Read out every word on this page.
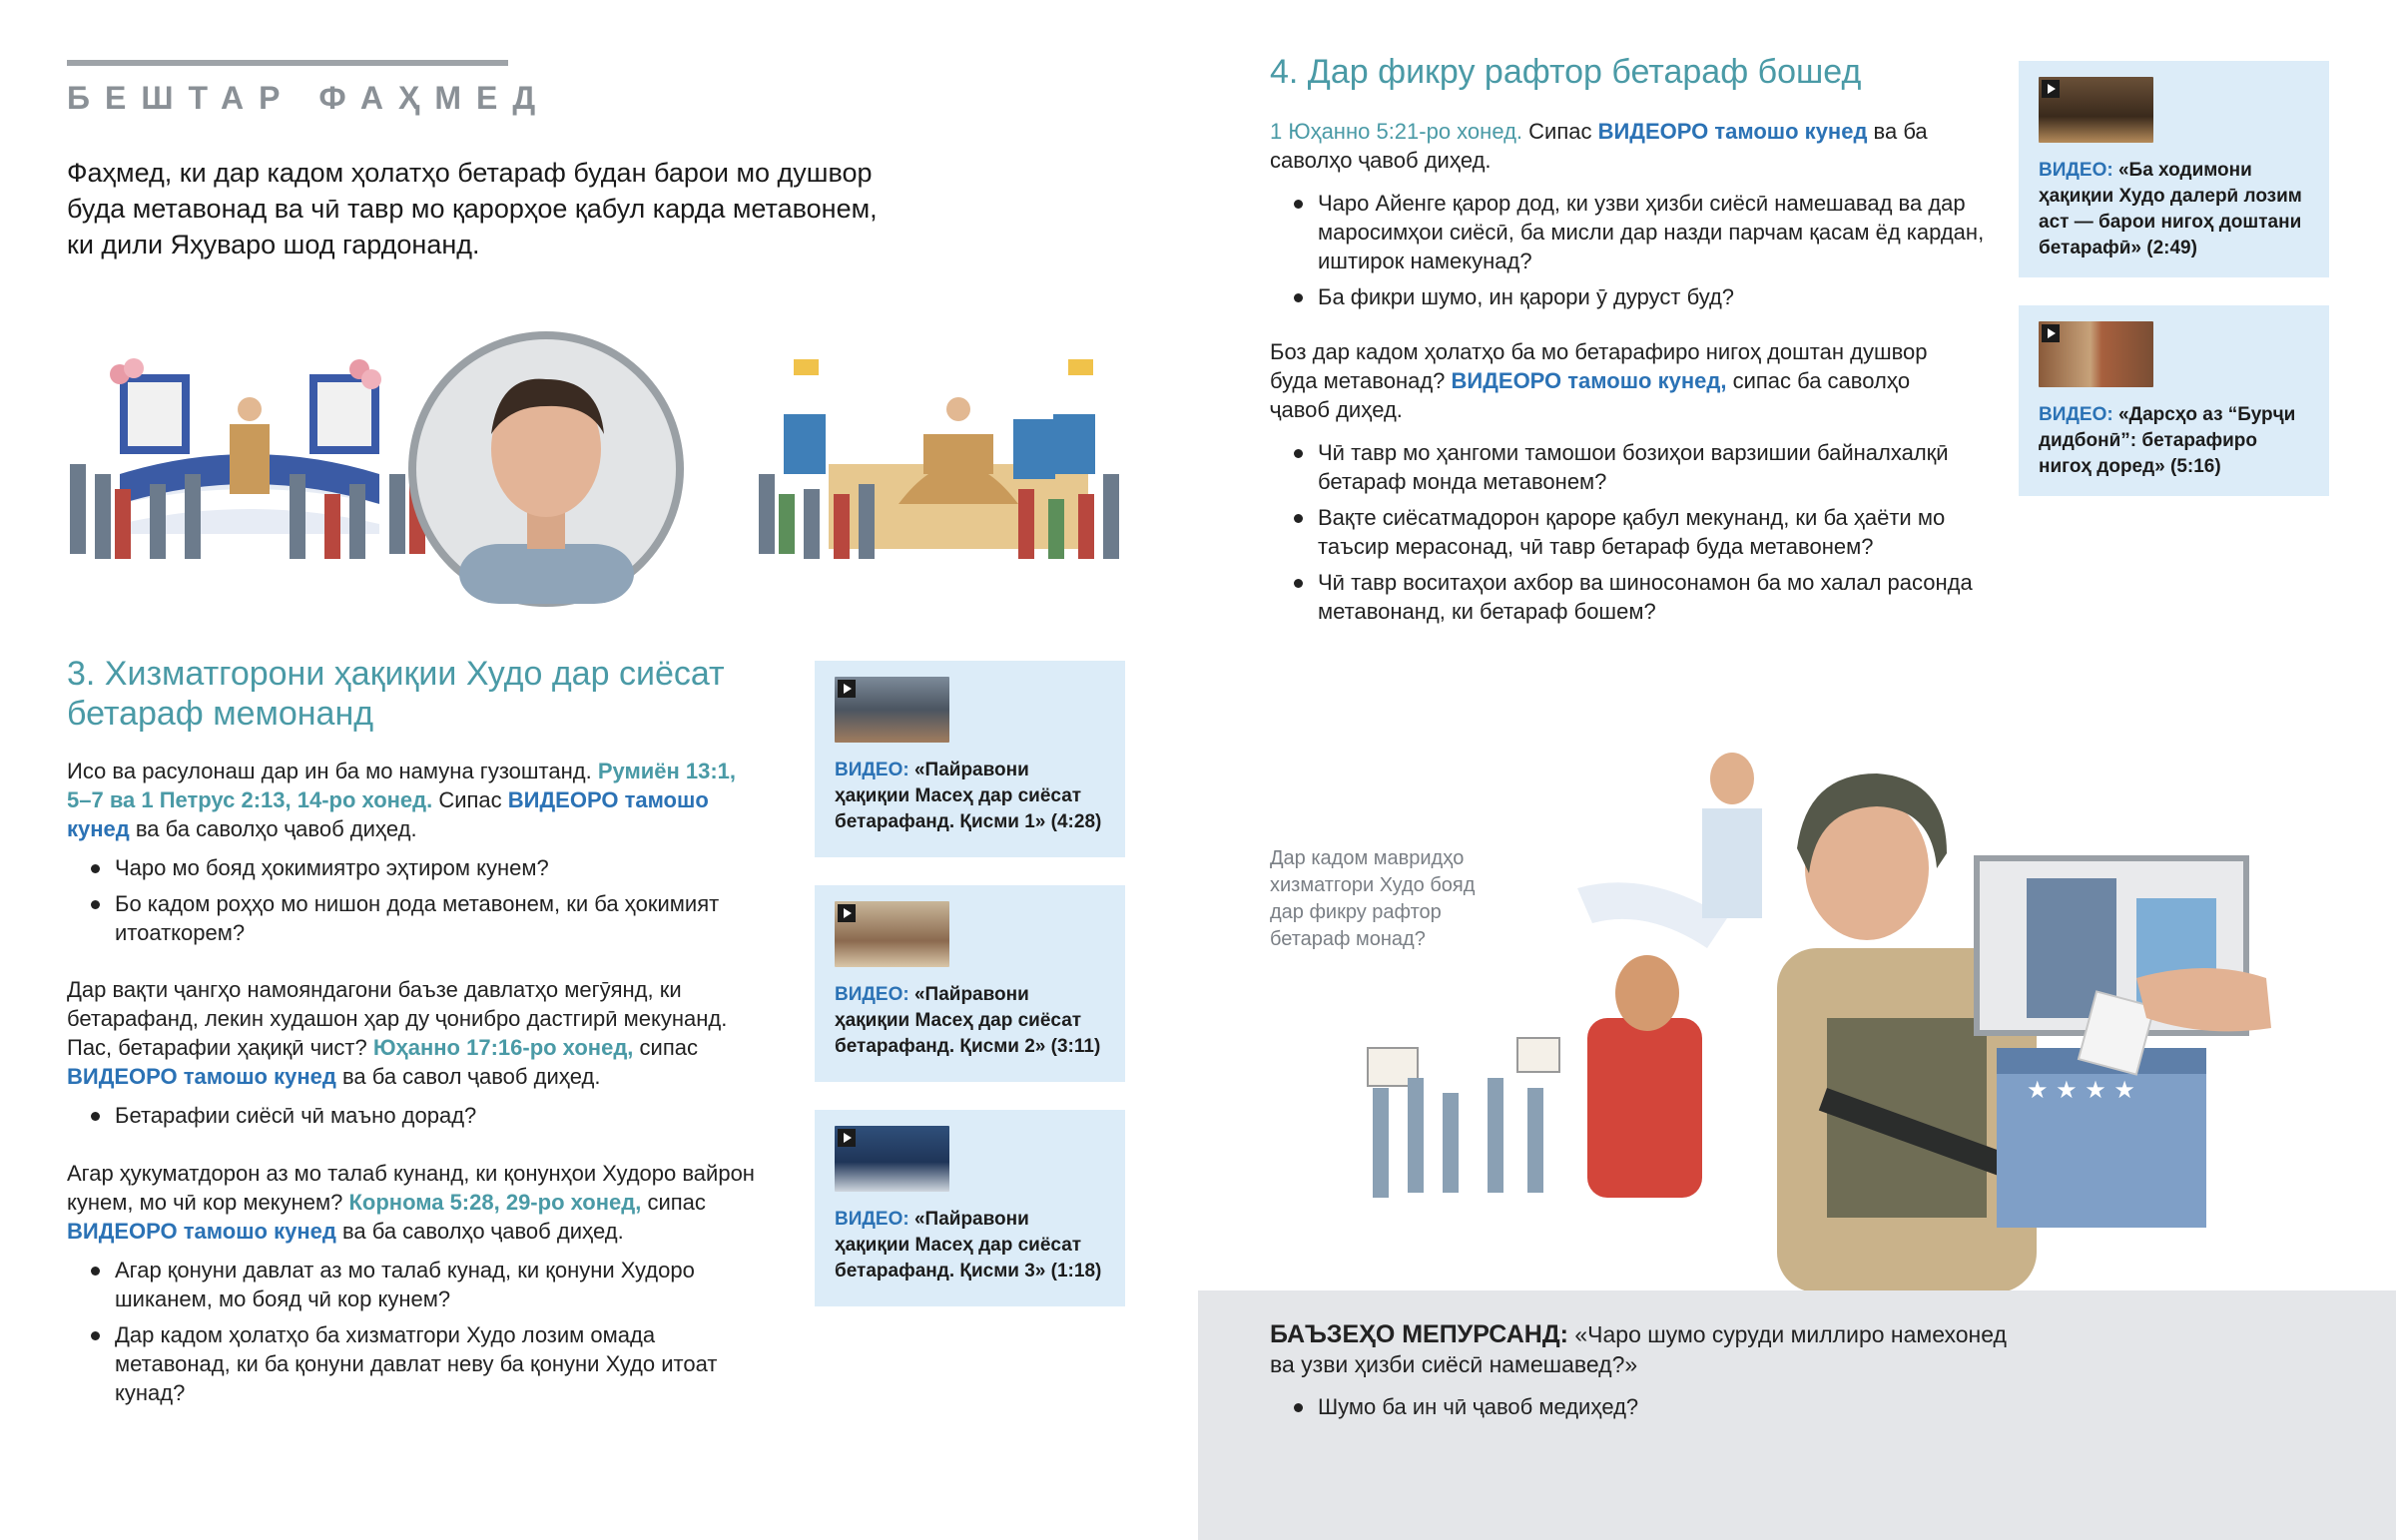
БЕШТАР ФАҲМЕД
Фаҳмед, ки дар кадом ҳолатҳо бетараф будан барои мо душвор буда метавонад ва чӣ тавр мо қарорҳое қабул карда метавонем, ки дили Яҳуваро шод гардонанд.
3. Хизматгорони ҳақиқии Худо дар сиёсат бетараф мемонанд
Исо ва расулонаш дар ин ба мо намуна гузоштанд. Румиён 13:1, 5–7 ва 1 Петрус 2:13, 14-ро хонед. Сипас ВИДЕОРО тамошо кунед ва ба саволҳо ҷавоб диҳед.
Чаро мо бояд ҳокимиятро эҳтиром кунем?
Бо кадом роҳҳо мо нишон дода метавонем, ки ба ҳокимият итоаткорем?
Дар вақти ҷангҳо намояндагони баъзе давлатҳо мегӯянд, ки бетарафанд, лекин худашон ҳар ду ҷонибро дастгирӣ мекунанд. Пас, бетарафии ҳақиқӣ чист? Юҳанно 17:16-ро хонед, сипас ВИДЕОРО тамошо кунед ва ба савол ҷавоб диҳед.
Бетарафии сиёсӣ чӣ маъно дорад?
Агар ҳукуматдорон аз мо талаб кунанд, ки қонунҳои Худоро вайрон кунем, мо чӣ кор мекунем? Корнома 5:28, 29-ро хонед, сипас ВИДЕОРО тамошо кунед ва ба саволҳо ҷавоб диҳед.
Агар қонуни давлат аз мо талаб кунад, ки қонуни Худоро шиканем, мо бояд чӣ кор кунем?
Дар кадом ҳолатҳо ба хизматгори Худо лозим омада метавонад, ки ба қонуни давлат неву ба қонуни Худо итоат кунад?
ВИДЕО: «Пайравони ҳақиқии Масеҳ дар сиёсат бетарафанд. Қисми 1» (4:28)
ВИДЕО: «Пайравони ҳақиқии Масеҳ дар сиёсат бетарафанд. Қисми 2» (3:11)
ВИДЕО: «Пайравони ҳақиқии Масеҳ дар сиёсат бетарафанд. Қисми 3» (1:18)
4. Дар фикру рафтор бетараф бошед
1 Юҳанно 5:21-ро хонед. Сипас ВИДЕОРО тамошо кунед ва ба саволҳо ҷавоб диҳед.
Чаро Айенге қарор дод, ки узви ҳизби сиёсӣ намешавад ва дар маросимҳои сиёсӣ, ба мисли дар назди парчам қасам ёд кардан, иштирок намекунад?
Ба фикри шумо, ин қарори ӯ дуруст буд?
Боз дар кадом ҳолатҳо ба мо бетарафиро нигоҳ доштан душвор буда метавонад? ВИДЕОРО тамошо кунед, сипас ба саволҳо ҷавоб диҳед.
Чӣ тавр мо ҳангоми тамошои бозиҳои варзишии байналхалқӣ бетараф монда метавонем?
Вақте сиёсатмадорон қароре қабул мекунанд, ки ба ҳаёти мо таъсир мерасонад, чӣ тавр бетараф буда метавонем?
Чӣ тавр воситаҳои ахбор ва шиносонамон ба мо халал расонда метавонанд, ки бетараф бошем?
ВИДЕО: «Ба ходимони ҳақиқии Худо далерӣ лозим аст — барои нигоҳ доштани бетарафӣ» (2:49)
ВИДЕО: «Дарсҳо аз “Бурҷи дидбонӣ”: бетарафиро нигоҳ доред» (5:16)
Дар кадом мавридҳо хизматгори Худо бояд дар фикру рафтор бетараф монад?
★ ★ ★ ★
БАЪЗЕҲО МЕПУРСАНД: «Чаро шумо суруди миллиро намехонед ва узви ҳизби сиёсӣ намешавед?»
Шумо ба ин чӣ ҷавоб медиҳед?
